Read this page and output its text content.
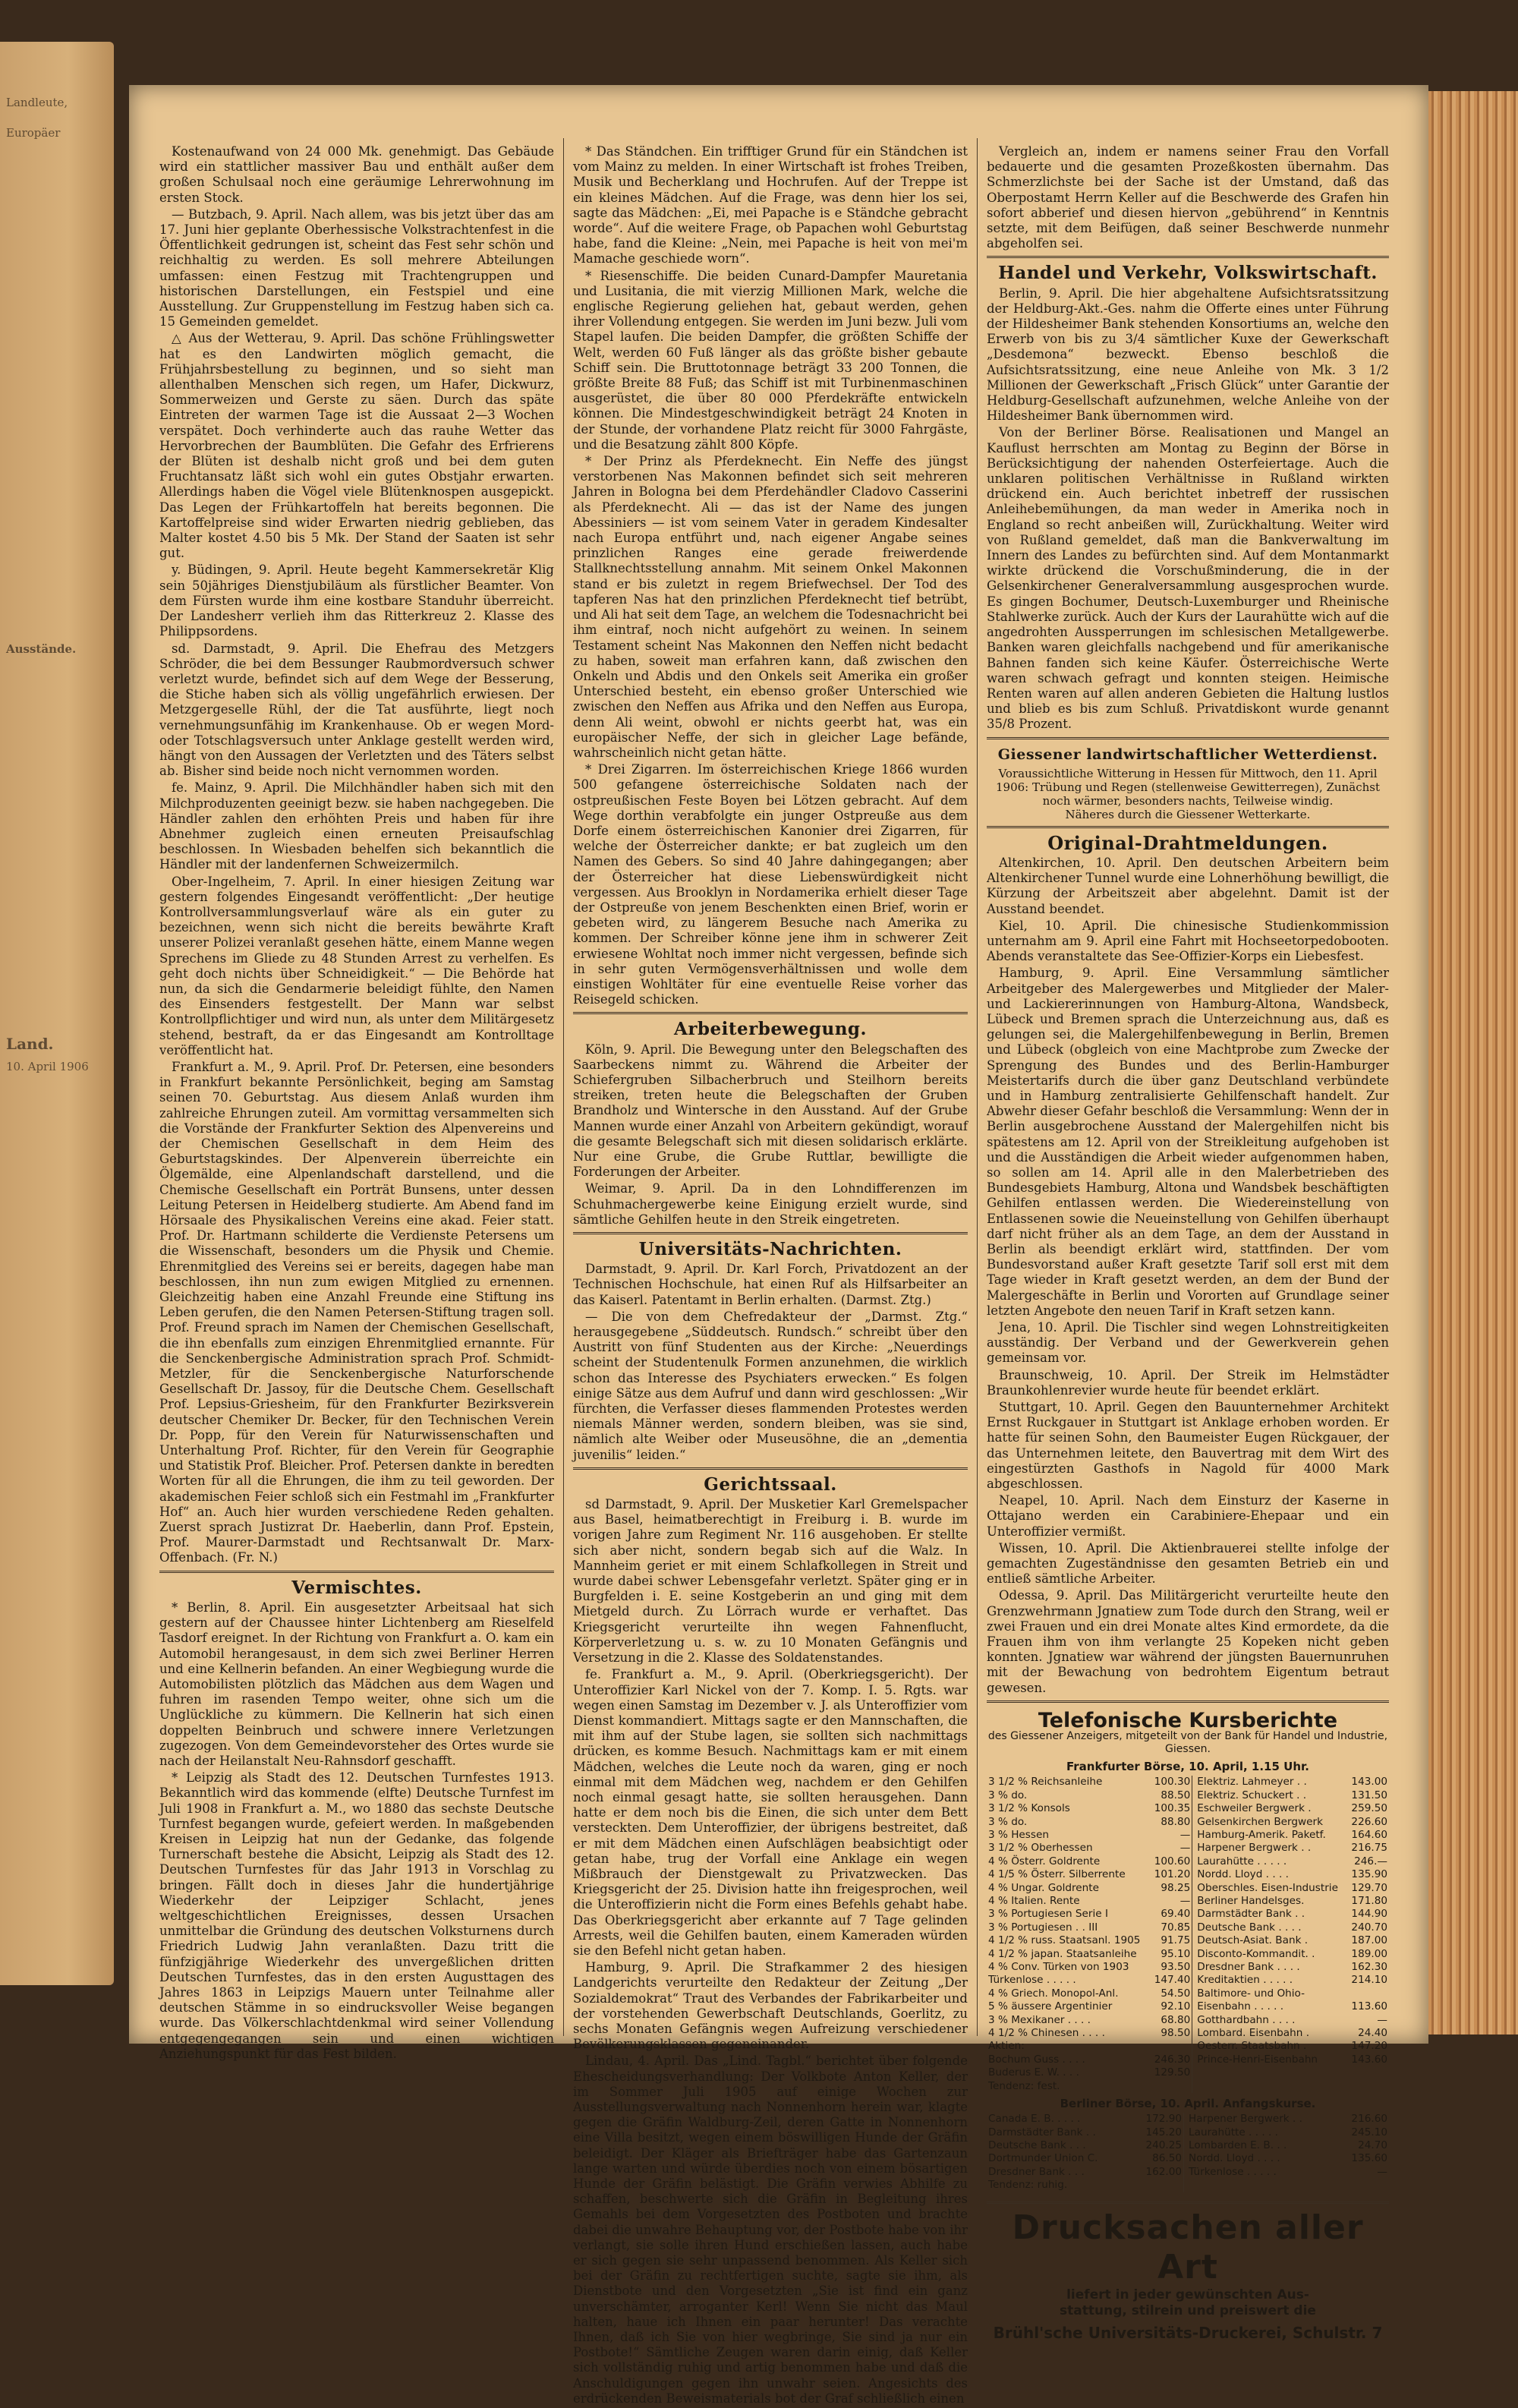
Landleute,
Europäer
Ausstände.
Land.
10. April 1906

Kostenaufwand von 24 000 Mk. genehmigt. Das Gebäude wird ein stattlicher massiver Bau und enthält außer dem großen Schulsaal noch eine geräumige Lehrerwohnung im ersten Stock.

— Butzbach, 9. April. Nach allem, was bis jetzt über das am 17. Juni hier geplante Oberhessische Volkstrachtenfest in die Öffentlichkeit gedrungen ist, scheint das Fest sehr schön und reichhaltig zu werden. Es soll mehrere Abteilungen umfassen: einen Festzug mit Trachtengruppen und historischen Darstellungen, ein Festspiel und eine Ausstellung. Zur Gruppenstellung im Festzug haben sich ca. 15 Gemeinden gemeldet.

△ Aus der Wetterau, 9. April. Das schöne Frühlingswetter hat es den Landwirten möglich gemacht, die Frühjahrsbestellung zu beginnen, und so sieht man allenthalben Menschen sich regen, um Hafer, Dickwurz, Sommerweizen und Gerste zu säen. Durch das späte Eintreten der warmen Tage ist die Aussaat 2—3 Wochen verspätet. Doch verhinderte auch das rauhe Wetter das Hervorbrechen der Baumblüten. Die Gefahr des Erfrierens der Blüten ist deshalb nicht groß und bei dem guten Fruchtansatz läßt sich wohl ein gutes Obstjahr erwarten. Allerdings haben die Vögel viele Blütenknospen ausgepickt. Das Legen der Frühkartoffeln hat bereits begonnen. Die Kartoffelpreise sind wider Erwarten niedrig geblieben, das Malter kostet 4.50 bis 5 Mk. Der Stand der Saaten ist sehr gut.

y. Büdingen, 9. April. Heute begeht Kammersekretär Klig sein 50jähriges Dienstjubiläum als fürstlicher Beamter. Von dem Fürsten wurde ihm eine kostbare Standuhr überreicht. Der Landesherr verlieh ihm das Ritterkreuz 2. Klasse des Philippsordens.

sd. Darmstadt, 9. April. Die Ehefrau des Metzgers Schröder, die bei dem Bessunger Raubmordversuch schwer verletzt wurde, befindet sich auf dem Wege der Besserung, die Stiche haben sich als völlig ungefährlich erwiesen. Der Metzgergeselle Rühl, der die Tat ausführte, liegt noch vernehmungsunfähig im Krankenhause. Ob er wegen Mord- oder Totschlagsversuch unter Anklage gestellt werden wird, hängt von den Aussagen der Verletzten und des Täters selbst ab. Bisher sind beide noch nicht vernommen worden.

fe. Mainz, 9. April. Die Milchhändler haben sich mit den Milchproduzenten geeinigt bezw. sie haben nachgegeben. Die Händler zahlen den erhöhten Preis und haben für ihre Abnehmer zugleich einen erneuten Preisaufschlag beschlossen. In Wiesbaden behelfen sich bekanntlich die Händler mit der landenfernen Schweizermilch.

Ober-Ingelheim, 7. April. In einer hiesigen Zeitung war gestern folgendes Eingesandt veröffentlicht: „Der heutige Kontrollversammlungsverlauf wäre als ein guter zu bezeichnen, wenn sich nicht die bereits bewährte Kraft unserer Polizei veranlaßt gesehen hätte, einem Manne wegen Sprechens im Gliede zu 48 Stunden Arrest zu verhelfen. Es geht doch nichts über Schneidigkeit.“ — Die Behörde hat nun, da sich die Gendarmerie beleidigt fühlte, den Namen des Einsenders festgestellt. Der Mann war selbst Kontrollpflichtiger und wird nun, als unter dem Militärgesetz stehend, bestraft, da er das Eingesandt am Kontrolltage veröffentlicht hat.

Frankfurt a. M., 9. April. Prof. Dr. Petersen, eine besonders in Frankfurt bekannte Persönlichkeit, beging am Samstag seinen 70. Geburtstag. Aus diesem Anlaß wurden ihm zahlreiche Ehrungen zuteil. Am vormittag versammelten sich die Vorstände der Frankfurter Sektion des Alpenvereins und der Chemischen Gesellschaft in dem Heim des Geburtstagskindes. Der Alpenverein überreichte ein Ölgemälde, eine Alpenlandschaft darstellend, und die Chemische Gesellschaft ein Porträt Bunsens, unter dessen Leitung Petersen in Heidelberg studierte. Am Abend fand im Hörsaale des Physikalischen Vereins eine akad. Feier statt. Prof. Dr. Hartmann schilderte die Verdienste Petersens um die Wissenschaft, besonders um die Physik und Chemie. Ehrenmitglied des Vereins sei er bereits, dagegen habe man beschlossen, ihn nun zum ewigen Mitglied zu ernennen. Gleichzeitig haben eine Anzahl Freunde eine Stiftung ins Leben gerufen, die den Namen Petersen-Stiftung tragen soll. Prof. Freund sprach im Namen der Chemischen Gesellschaft, die ihn ebenfalls zum einzigen Ehrenmitglied ernannte. Für die Senckenbergische Administration sprach Prof. Schmidt-Metzler, für die Senckenbergische Naturforschende Gesellschaft Dr. Jassoy, für die Deutsche Chem. Gesellschaft Prof. Lepsius-Griesheim, für den Frankfurter Bezirksverein deutscher Chemiker Dr. Becker, für den Technischen Verein Dr. Popp, für den Verein für Naturwissenschaften und Unterhaltung Prof. Richter, für den Verein für Geographie und Statistik Prof. Bleicher. Prof. Petersen dankte in beredten Worten für all die Ehrungen, die ihm zu teil geworden. Der akademischen Feier schloß sich ein Festmahl im „Frankfurter Hof“ an. Auch hier wurden verschiedene Reden gehalten. Zuerst sprach Justizrat Dr. Haeberlin, dann Prof. Epstein, Prof. Maurer-Darmstadt und Rechtsanwalt Dr. Marx-Offenbach. (Fr. N.)

Vermischtes.

* Berlin, 8. April. Ein ausgesetzter Arbeitsaal hat sich gestern auf der Chaussee hinter Lichtenberg am Rieselfeld Tasdorf ereignet. In der Richtung von Frankfurt a. O. kam ein Automobil herangesaust, in dem sich zwei Berliner Herren und eine Kellnerin befanden. An einer Wegbiegung wurde die Automobilisten plötzlich das Mädchen aus dem Wagen und fuhren im rasenden Tempo weiter, ohne sich um die Unglückliche zu kümmern. Die Kellnerin hat sich einen doppelten Beinbruch und schwere innere Verletzungen zugezogen. Von dem Gemeindevorsteher des Ortes wurde sie nach der Heilanstalt Neu-Rahnsdorf geschafft.

* Leipzig als Stadt des 12. Deutschen Turnfestes 1913. Bekanntlich wird das kommende (elfte) Deutsche Turnfest im Juli 1908 in Frankfurt a. M., wo 1880 das sechste Deutsche Turnfest begangen wurde, gefeiert werden. In maßgebenden Kreisen in Leipzig hat nun der Gedanke, das folgende Turnerschaft bestehe die Absicht, Leipzig als Stadt des 12. Deutschen Turnfestes für das Jahr 1913 in Vorschlag zu bringen. Fällt doch in dieses Jahr die hundertjährige Wiederkehr der Leipziger Schlacht, jenes weltgeschichtlichen Ereignisses, dessen Ursachen unmittelbar die Gründung des deutschen Volksturnens durch Friedrich Ludwig Jahn veranlaßten. Dazu tritt die fünfzigjährige Wiederkehr des unvergeßlichen dritten Deutschen Turnfestes, das in den ersten Augusttagen des Jahres 1863 in Leipzigs Mauern unter Teilnahme aller deutschen Stämme in so eindrucksvoller Weise begangen wurde. Das Völkerschlachtdenkmal wird seiner Vollendung entgegengegangen sein und einen wichtigen Anziehungspunkt für das Fest bilden.

* Das Ständchen. Ein trifftiger Grund für ein Ständchen ist vom Mainz zu melden. In einer Wirtschaft ist frohes Treiben, Musik und Becherklang und Hochrufen. Auf der Treppe ist ein kleines Mädchen. Auf die Frage, was denn hier los sei, sagte das Mädchen: „Ei, mei Papache is e Ständche gebracht worde“. Auf die weitere Frage, ob Papachen wohl Geburtstag habe, fand die Kleine: „Nein, mei Papache is heit von mei'm Mamache geschiede worn“.

* Riesenschiffe. Die beiden Cunard-Dampfer Mauretania und Lusitania, die mit vierzig Millionen Mark, welche die englische Regierung geliehen hat, gebaut werden, gehen ihrer Vollendung entgegen. Sie werden im Juni bezw. Juli vom Stapel laufen. Die beiden Dampfer, die größten Schiffe der Welt, werden 60 Fuß länger als das größte bisher gebaute Schiff sein. Die Bruttotonnage beträgt 33 200 Tonnen, die größte Breite 88 Fuß; das Schiff ist mit Turbinenmaschinen ausgerüstet, die über 80 000 Pferdekräfte entwickeln können. Die Mindestgeschwindigkeit beträgt 24 Knoten in der Stunde, der vorhandene Platz reicht für 3000 Fahrgäste, und die Besatzung zählt 800 Köpfe.

* Der Prinz als Pferdeknecht. Ein Neffe des jüngst verstorbenen Nas Makonnen befindet sich seit mehreren Jahren in Bologna bei dem Pferdehändler Cladovo Casserini als Pferdeknecht. Ali — das ist der Name des jungen Abessiniers — ist vom seinem Vater in geradem Kindesalter nach Europa entführt und, nach eigener Angabe seines prinzlichen Ranges eine gerade freiwerdende Stallknechtsstellung annahm. Mit seinem Onkel Makonnen stand er bis zuletzt in regem Briefwechsel. Der Tod des tapferen Nas hat den prinzlichen Pferdeknecht tief betrübt, und Ali hat seit dem Tage, an welchem die Todesnachricht bei ihm eintraf, noch nicht aufgehört zu weinen. In seinem Testament scheint Nas Makonnen den Neffen nicht bedacht zu haben, soweit man erfahren kann, daß zwischen den Onkeln und Abdis und den Onkels seit Amerika ein großer Unterschied besteht, ein ebenso großer Unterschied wie zwischen den Neffen aus Afrika und den Neffen aus Europa, denn Ali weint, obwohl er nichts geerbt hat, was ein europäischer Neffe, der sich in gleicher Lage befände, wahrscheinlich nicht getan hätte.

* Drei Zigarren. Im österreichischen Kriege 1866 wurden 500 gefangene österreichische Soldaten nach der ostpreußischen Feste Boyen bei Lötzen gebracht. Auf dem Wege dorthin verabfolgte ein junger Ostpreuße aus dem Dorfe einem österreichischen Kanonier drei Zigarren, für welche der Österreicher dankte; er bat zugleich um den Namen des Gebers. So sind 40 Jahre dahingegangen; aber der Österreicher hat diese Liebenswürdigkeit nicht vergessen. Aus Brooklyn in Nordamerika erhielt dieser Tage der Ostpreuße von jenem Beschenkten einen Brief, worin er gebeten wird, zu längerem Besuche nach Amerika zu kommen. Der Schreiber könne jene ihm in schwerer Zeit erwiesene Wohltat noch immer nicht vergessen, befinde sich in sehr guten Vermögensverhältnissen und wolle dem einstigen Wohltäter für eine eventuelle Reise vorher das Reisegeld schicken.

Arbeiterbewegung.

Köln, 9. April. Die Bewegung unter den Belegschaften des Saarbeckens nimmt zu. Während die Arbeiter der Schiefergruben Silbacherbruch und Steilhorn bereits streiken, treten heute die Belegschaften der Gruben Brandholz und Wintersche in den Ausstand. Auf der Grube Mannen wurde einer Anzahl von Arbeitern gekündigt, worauf die gesamte Belegschaft sich mit diesen solidarisch erklärte. Nur eine Grube, die Grube Ruttlar, bewilligte die Forderungen der Arbeiter.

Weimar, 9. April. Da in den Lohndifferenzen im Schuhmachergewerbe keine Einigung erzielt wurde, sind sämtliche Gehilfen heute in den Streik eingetreten.

Universitäts-Nachrichten.

Darmstadt, 9. April. Dr. Karl Forch, Privatdozent an der Technischen Hochschule, hat einen Ruf als Hilfsarbeiter an das Kaiserl. Patentamt in Berlin erhalten. (Darmst. Ztg.)

— Die von dem Chefredakteur der „Darmst. Ztg.“ herausgegebene „Süddeutsch. Rundsch.“ schreibt über den Austritt von fünf Studenten aus der Kirche: „Neuerdings scheint der Studentenulk Formen anzunehmen, die wirklich schon das Interesse des Psychiaters erwecken.“ Es folgen einige Sätze aus dem Aufruf und dann wird geschlossen: „Wir fürchten, die Verfasser dieses flammenden Protestes werden niemals Männer werden, sondern bleiben, was sie sind, nämlich alte Weiber oder Museusöhne, die an „dementia juvenilis“ leiden.“

Gerichtssaal.

sd Darmstadt, 9. April. Der Musketier Karl Gremelspacher aus Basel, heimatberechtigt in Freiburg i. B. wurde im vorigen Jahre zum Regiment Nr. 116 ausgehoben. Er stellte sich aber nicht, sondern begab sich auf die Walz. In Mannheim geriet er mit einem Schlafkollegen in Streit und wurde dabei schwer Lebensgefahr verletzt. Später ging er in Burgfelden i. E. seine Kostgeberin an und ging mit dem Mietgeld durch. Zu Lörrach wurde er verhaftet. Das Kriegsgericht verurteilte ihn wegen Fahnenflucht, Körperverletzung u. s. w. zu 10 Monaten Gefängnis und Versetzung in die 2. Klasse des Soldatenstandes.

fe. Frankfurt a. M., 9. April. (Oberkriegsgericht). Der Unteroffizier Karl Nickel von der 7. Komp. I. 5. Rgts. war wegen einen Samstag im Dezember v. J. als Unteroffizier vom Dienst kommandiert. Mittags sagte er den Mannschaften, die mit ihm auf der Stube lagen, sie sollten sich nachmittags drücken, es komme Besuch. Nachmittags kam er mit einem Mädchen, welches die Leute noch da waren, ging er noch einmal mit dem Mädchen weg, nachdem er den Gehilfen noch einmal gesagt hatte, sie sollten herausgehen. Dann hatte er dem noch bis die Einen, die sich unter dem Bett versteckten. Dem Unteroffizier, der übrigens bestreitet, daß er mit dem Mädchen einen Aufschlägen beabsichtigt oder getan habe, trug der Vorfall eine Anklage ein wegen Mißbrauch der Dienstgewalt zu Privatzwecken. Das Kriegsgericht der 25. Division hatte ihn freigesprochen, weil die Unteroffizierin nicht die Form eines Befehls gehabt habe. Das Oberkriegsgericht aber erkannte auf 7 Tage gelinden Arrests, weil die Gehilfen bauten, einem Kameraden würden sie den Befehl nicht getan haben.

Hamburg, 9. April. Die Strafkammer 2 des hiesigen Landgerichts verurteilte den Redakteur der Zeitung „Der Sozialdemokrat“ Traut des Verbandes der Fabrikarbeiter und der vorstehenden Gewerbschaft Deutschlands, Goerlitz, zu sechs Monaten Gefängnis wegen Aufreizung verschiedener Bevölkerungsklassen gegeneinander.

Lindau, 4. April. Das „Lind. Tagbl.“ berichtet über folgende Ehescheidungsverhandlung: Der Volkbote Anton Keller, der im Sommer Juli 1905 auf einige Wochen zur Ausstellungsverwaltung nach Nonnenhorn herein war, klagte gegen die Gräfin Waldburg-Zeil, deren Gatte in Nonnenhorn eine Villa besitzt, wegen einem böswilligen Hunde der Gräfin beleidigt. Der Kläger als Briefträger habe das Gartenzaun lange warten und würde überdies noch von einem bösartigen Hunde der Gräfin belästigt. Die Gräfin verwies Abhilfe zu schaffen, beschwerte sich die Gräfin in Begleitung ihres Gemahls bei dem Vorgesetzten des Postboten und brachte dabei die unwahre Behauptung vor, der Postbote habe von ihr verlangt, sie solle ihren Hund erschießen lassen, auch habe er sich gegen sie sehr unpassend benommen. Als Keller sich bei der Gräfin zu rechtfertigen suchte, sagte sie ihm, als Dienstbote und den Vorgesetzten „Sie ist find ein ganz unverschämter, arroganter Kerl! Wenn Sie nicht das Maul halten, haue ich Ihnen ein paar herunter! Das verachte Ihnen, daß ich Sie von hier wegbringe, Sie sind ja nur ein Postbote!“ Sämtliche Zeugen waren darin einig, daß Keller sich vollständig ruhig und artig benommen habe und daß die Anschuldigungen gegen ihn unwahr seien. Angesichts des erdrückenden Beweismaterials bot der Graf schließlich einen

Vergleich an, indem er namens seiner Frau den Vorfall bedauerte und die gesamten Prozeßkosten übernahm. Das Schmerzlichste bei der Sache ist der Umstand, daß das Oberpostamt Herrn Keller auf die Beschwerde des Grafen hin sofort abberief und diesen hiervon „gebührend“ in Kenntnis setzte, mit dem Beifügen, daß seiner Beschwerde nunmehr abgeholfen sei.

Handel und Verkehr, Volkswirtschaft.

Berlin, 9. April. Die hier abgehaltene Aufsichtsratssitzung der Heldburg-Akt.-Ges. nahm die Offerte eines unter Führung der Hildesheimer Bank stehenden Konsortiums an, welche den Erwerb von bis zu 3/4 sämtlicher Kuxe der Gewerkschaft „Desdemona“ bezweckt. Ebenso beschloß die Aufsichtsratssitzung, eine neue Anleihe von Mk. 3 1/2 Millionen der Gewerkschaft „Frisch Glück“ unter Garantie der Heldburg-Gesellschaft aufzunehmen, welche Anleihe von der Hildesheimer Bank übernommen wird.

Von der Berliner Börse. Realisationen und Mangel an Kauflust herrschten am Montag zu Beginn der Börse in Berücksichtigung der nahenden Osterfeiertage. Auch die unklaren politischen Verhältnisse in Rußland wirkten drückend ein. Auch berichtet inbetreff der russischen Anleihebemühungen, da man weder in Amerika noch in England so recht anbeißen will, Zurückhaltung. Weiter wird von Rußland gemeldet, daß man die Bankverwaltung im Innern des Landes zu befürchten sind. Auf dem Montanmarkt wirkte drückend die Vorschußminderung, die in der Gelsenkirchener Generalversammlung ausgesprochen wurde. Es gingen Bochumer, Deutsch-Luxemburger und Rheinische Stahlwerke zurück. Auch der Kurs der Laurahütte wich auf die angedrohten Aussperrungen im schlesischen Metallgewerbe. Banken waren gleichfalls nachgebend und für amerikanische Bahnen fanden sich keine Käufer. Österreichische Werte waren schwach gefragt und konnten steigen. Heimische Renten waren auf allen anderen Gebieten die Haltung lustlos und blieb es bis zum Schluß. Privatdiskont wurde genannt 35/8 Prozent.

Giessener landwirtschaftlicher Wetterdienst.
Voraussichtliche Witterung in Hessen für Mittwoch, den 11. April 1906: Trübung und Regen (stellenweise Gewitterregen), Zunächst noch wärmer, besonders nachts, Teilweise windig.
Näheres durch die Giessener Wetterkarte.
Original-Drahtmeldungen.

Altenkirchen, 10. April. Den deutschen Arbeitern beim Altenkirchener Tunnel wurde eine Lohnerhöhung bewilligt, die Kürzung der Arbeitszeit aber abgelehnt. Damit ist der Ausstand beendet.

Kiel, 10. April. Die chinesische Studienkommission unternahm am 9. April eine Fahrt mit Hochseetorpedobooten. Abends veranstaltete das See-Offizier-Korps ein Liebesfest.

Hamburg, 9. April. Eine Versammlung sämtlicher Arbeitgeber des Malergewerbes und Mitglieder der Maler- und Lackiererinnungen von Hamburg-Altona, Wandsbeck, Lübeck und Bremen sprach die Unterzeichnung aus, daß es gelungen sei, die Malergehilfenbewegung in Berlin, Bremen und Lübeck (obgleich von eine Machtprobe zum Zwecke der Sprengung des Bundes und des Berlin-Hamburger Meistertarifs durch die über ganz Deutschland verbündete und in Hamburg zentralisierte Gehilfenschaft handelt. Zur Abwehr dieser Gefahr beschloß die Versammlung: Wenn der in Berlin ausgebrochene Ausstand der Malergehilfen nicht bis spätestens am 12. April von der Streikleitung aufgehoben ist und die Ausständigen die Arbeit wieder aufgenommen haben, so sollen am 14. April alle in den Malerbetrieben des Bundesgebiets Hamburg, Altona und Wandsbek beschäftigten Gehilfen entlassen werden. Die Wiedereinstellung von Entlassenen sowie die Neueinstellung von Gehilfen überhaupt darf nicht früher als an dem Tage, an dem der Ausstand in Berlin als beendigt erklärt wird, stattfinden. Der vom Bundesvorstand außer Kraft gesetzte Tarif soll erst mit dem Tage wieder in Kraft gesetzt werden, an dem der Bund der Malergeschäfte in Berlin und Vororten auf Grundlage seiner letzten Angebote den neuen Tarif in Kraft setzen kann.

Jena, 10. April. Die Tischler sind wegen Lohnstreitigkeiten ausständig. Der Verband und der Gewerkverein gehen gemeinsam vor.

Braunschweig, 10. April. Der Streik im Helmstädter Braunkohlenrevier wurde heute für beendet erklärt.

Stuttgart, 10. April. Gegen den Bauunternehmer Architekt Ernst Ruckgauer in Stuttgart ist Anklage erhoben worden. Er hatte für seinen Sohn, den Baumeister Eugen Rückgauer, der das Unternehmen leitete, den Bauvertrag mit dem Wirt des eingestürzten Gasthofs in Nagold für 4000 Mark abgeschlossen.

Neapel, 10. April. Nach dem Einsturz der Kaserne in Ottajano werden ein Carabiniere-Ehepaar und ein Unteroffizier vermißt.

Wissen, 10. April. Die Aktienbrauerei stellte infolge der gemachten Zugeständnisse den gesamten Betrieb ein und entließ sämtliche Arbeiter.

Odessa, 9. April. Das Militärgericht verurteilte heute den Grenzwehrmann Jgnatiew zum Tode durch den Strang, weil er zwei Frauen und ein drei Monate altes Kind ermordete, da die Frauen ihm von ihm verlangte 25 Kopeken nicht geben konnten. Jgnatiew war während der jüngsten Bauernunruhen mit der Bewachung von bedrohtem Eigentum betraut gewesen.

Telefonische Kursberichte
des Giessener Anzeigers, mitgeteilt von der Bank für Handel und Industrie, Giessen.
Frankfurter Börse, 10. April, 1.15 Uhr.
3 1/2 % Reichsanleihe	100.30		Elektriz. Lahmeyer . .	143.00
3 % do.	88.50		Elektriz. Schuckert . .	131.50
3 1/2 % Konsols	100.35		Eschweiler Bergwerk .	259.50
3 % do.	88.80		Gelsenkirchen Bergwerk	226.60
3 % Hessen	—		Hamburg-Amerik. Paketf.	164.60
3 1/2 % Oberhessen	—		Harpener Bergwerk . .	216.75
4 % Österr. Goldrente	100.60		Laurahütte . . . . .	246.—
4 1/5 % Österr. Silberrente	101.20		Nordd. Lloyd . . . .	135.90
4 % Ungar. Goldrente	98.25		Oberschles. Eisen-Industrie	129.70
4 % Italien. Rente	—		Berliner Handelsges.	171.80
3 % Portugiesen Serie I	69.40		Darmstädter Bank . .	144.90
3 % Portugiesen . . III	70.85		Deutsche Bank . . . .	240.70
4 1/2 % russ. Staatsanl. 1905	91.75		Deutsch-Asiat. Bank .	187.00
4 1/2 % japan. Staatsanleihe	95.10		Disconto-Kommandit. .	189.00
4 % Conv. Türken von 1903	93.50		Dresdner Bank . . . .	162.30
Türkenlose . . . . .	147.40		Kreditaktien . . . . .	214.10
4 % Griech. Monopol-Anl.	54.50		Baltimore- und Ohio-	
5 % äussere Argentinier	92.10		Eisenbahn . . . . .	113.60
3 % Mexikaner . . . .	68.80		Gotthardbahn . . . .	—
4 1/2 % Chinesen . . . .	98.50		Lombard. Eisenbahn .	24.40
Aktien:			Oesterr. Staatsbahn .	147.20
Bochum Guss . . . .	246.30		Prince-Henri-Eisenbahn	143.60
Buderus E. W. . . .	129.50			
Tendenz: fest.				
Berliner Börse, 10. April. Anfangskurse.
Canada E. B. . . . .	172.90		Harpener Bergwerk . .	216.60
Darmstädter Bank . .	145.20		Laurahütte . . . . .	245.10
Deutsche Bank . . .	240.25		Lombarden E. B. . .	24.70
Dortmunder Union C.	86.50		Nordd. Lloyd . . . .	135.60
Dresdner Bank . . .	162.00		Türkenlose . . . . .	—
Tendenz: ruhig.				
Drucksachen aller Art
liefert in jeder gewünschten Aus-
stattung, stilrein und preiswert die
Brühl'sche Universitäts-Druckerei, Schulstr. 7
